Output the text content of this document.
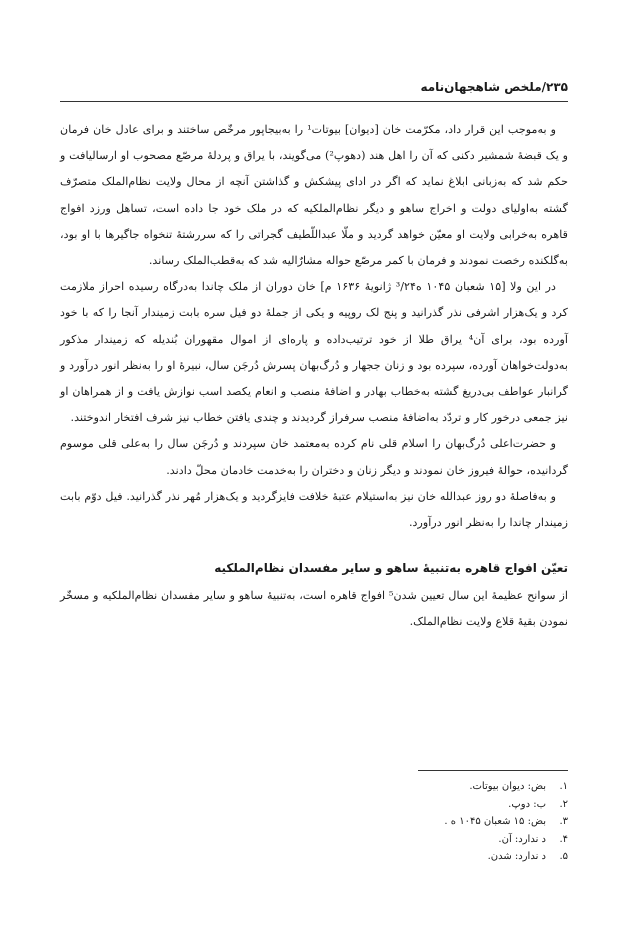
۲۳۵/ملخص شاهجهان‌نامه

و به‌موجب این قرار داد، مکرّمت خان [دیوان] بیوتات¹ را به‌بیجاپور مرخّص ساختند و برای عادل خان فرمان و یک قبضهٔ شمشیر دکنی که آن را اهل هند (دهوپ²) می‌گویند، با یراق و پردلهٔ مرصّع مصحوب او ارسالیافت و حکم شد که به‌زبانی ابلاغ نماید که اگر در ادای پیشکش و گذاشتن آنچه از محال ولایت نظام‌الملک متصرّف گشته به‌اولیای دولت و اخراج ساهو و دیگر نظام‌الملکیه که در ملک خود جا داده است، تساهل ورزد افواج قاهره به‌خرابی ولایت او معیّن خواهد گردید و ملّا عبداللّطیف گجراتی را که سررشتهٔ تنخواه جاگیرها با او بود، به‌گلکنده رخصت نمودند و فرمان با کمر مرصّع حواله مشارٌالیه شد که به‌قطب‌الملک رساند.

در این ولا [۱۵ شعبان ۱۰۴۵ ه³/۲۴ ژانویهٔ ۱۶۳۶ م] خان دوران از ملک چاندا به‌درگاه رسیده احراز ملازمت کرد و یک‌هزار اشرفی نذر گذرانید و پنج لک روپیه و یکی از جملهٔ دو فیل سره بابت زمیندار آنجا را که با خود آورده بود، برای آن⁴ یراق طلا از خود ترتیب‌داده و پاره‌ای از اموال مقهوران بُندیله که زمیندار مذکور به‌دولت‌خواهان آورده، سپرده بود و زنان ججهار و دُرگ‌بهان پسرش دُرجَن سال، نبیرهٔ او را به‌نظر انور درآورد و گرانبار عواطف بی‌دریغ گشته به‌خطاب بهادر و اضافهٔ منصب و انعام یکصد اسب نوازش یافت و از همراهان او نیز جمعی درخور کار و تردّد به‌اضافهٔ منصب سرفراز گردیدند و چندی یافتن خطاب نیز شرف افتخار اندوختند.

و حضرت‌اعلی دُرگ‌بهان را اسلام قلی نام کرده به‌معتمد خان سپردند و دُرجَن سال را به‌علی قلی موسوم گردانیده، حوالهٔ فیروز خان نمودند و دیگر زنان و دختران را به‌خدمت خادمان محلّ دادند.

و به‌فاصلهٔ دو روز عبدالله خان نیز به‌استیلام عتبهٔ خلافت فایزگردید و یک‌هزار مُهر نذر گذرانید. فیل دوّم بابت زمیندار چاندا را به‌نظر انور درآورد.

تعیّن افواج قاهره به‌تنبیهٔ ساهو و سایر مفسدان نظام‌الملکیه

از سوانح عظیمهٔ این سال تعیین شدن⁵ افواج قاهره است، به‌تنبیهٔ ساهو و سایر مفسدان نظام‌الملکیه و مسخّر نمودن بقیهٔ قلاع ولایت نظام‌الملک.

۱.
بض: دیوان بیوتات.
۲.
ب: دوپ.
۳.
بض: ۱۵ شعبان ۱۰۴۵ ه .
۴.
د ندارد: آن.
۵.
د ندارد: شدن.
